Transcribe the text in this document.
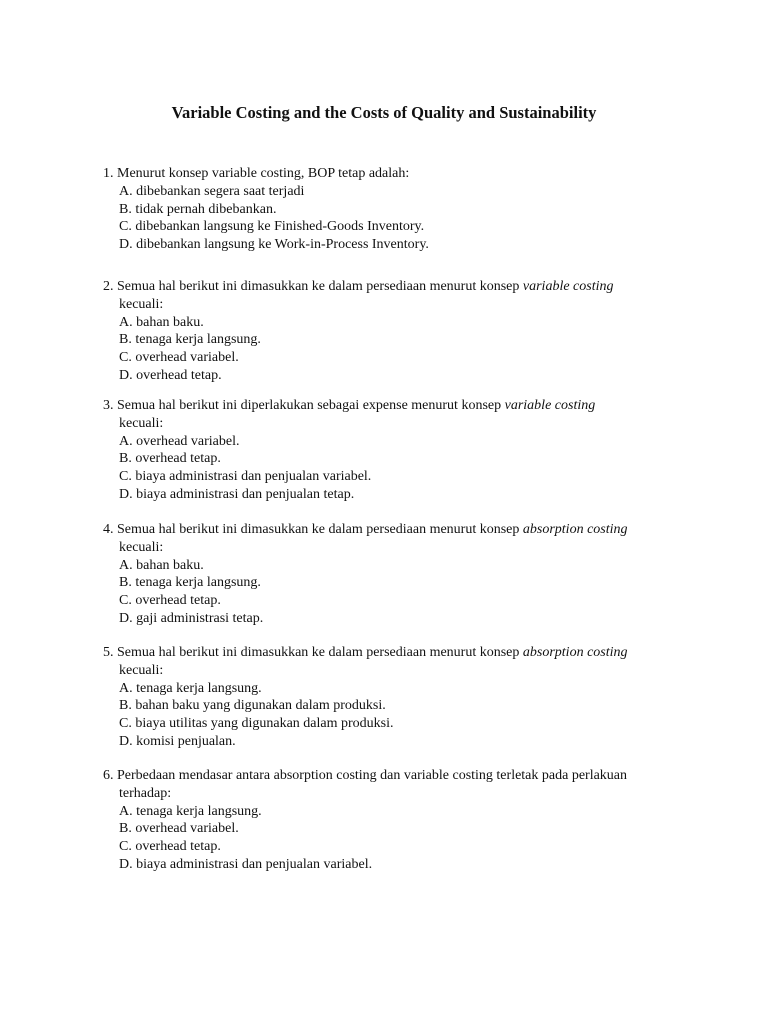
Variable Costing and the Costs of Quality and Sustainability

1. Menurut konsep variable costing, BOP tetap adalah:

A. dibebankan segera saat terjadi
B. tidak pernah dibebankan.
C. dibebankan langsung ke Finished-Goods Inventory.
D. dibebankan langsung ke Work-in-Process Inventory.

2. Semua hal berikut ini dimasukkan ke dalam persediaan menurut konsep variable costing
kecuali:

A. bahan baku.
B. tenaga kerja langsung.
C. overhead variabel.
D. overhead tetap.

3. Semua hal berikut ini diperlakukan sebagai expense menurut konsep variable costing
kecuali:

A. overhead variabel.
B. overhead tetap.
C. biaya administrasi dan penjualan variabel.
D. biaya administrasi dan penjualan tetap.

4. Semua hal berikut ini dimasukkan ke dalam persediaan menurut konsep absorption costing
kecuali:

A. bahan baku.
B. tenaga kerja langsung.
C. overhead tetap.
D. gaji administrasi tetap.

5. Semua hal berikut ini dimasukkan ke dalam persediaan menurut konsep absorption costing
kecuali:

A. tenaga kerja langsung.
B. bahan baku yang digunakan dalam produksi.
C. biaya utilitas yang digunakan dalam produksi.
D. komisi penjualan.

6. Perbedaan mendasar antara absorption costing dan variable costing terletak pada perlakuan
terhadap:

A. tenaga kerja langsung.
B. overhead variabel.
C. overhead tetap.
D. biaya administrasi dan penjualan variabel.
